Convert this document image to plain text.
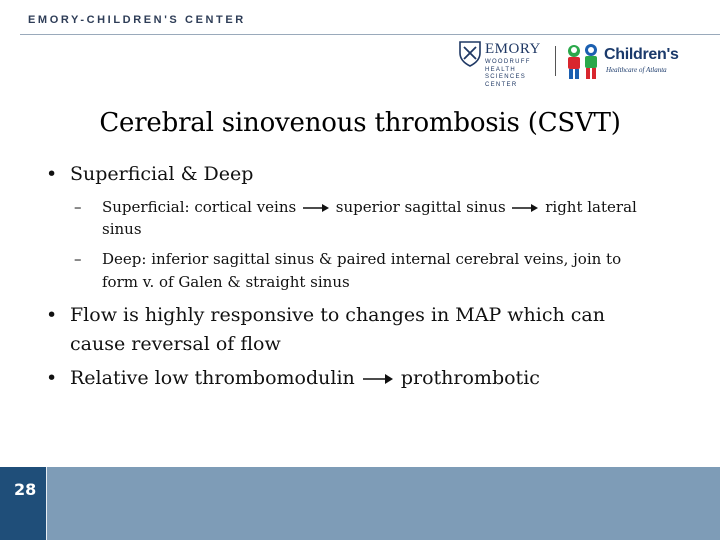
EMORY-CHILDREN'S CENTER
EMORY
WOODRUFF
HEALTH
SCIENCES
CENTER
Children's
Healthcare of Atlanta
Cerebral sinovenous thrombosis (CSVT)
• Superficial & Deep
– Superficial: cortical veins	superior sagittal sinus	right lateral
sinus
– Deep: inferior sagittal sinus & paired internal cerebral veins, join to
form v. of Galen & straight sinus
• Flow is highly responsive to changes in MAP which can
cause reversal of flow
• Relative low thrombomodulin prothrombotic
28
